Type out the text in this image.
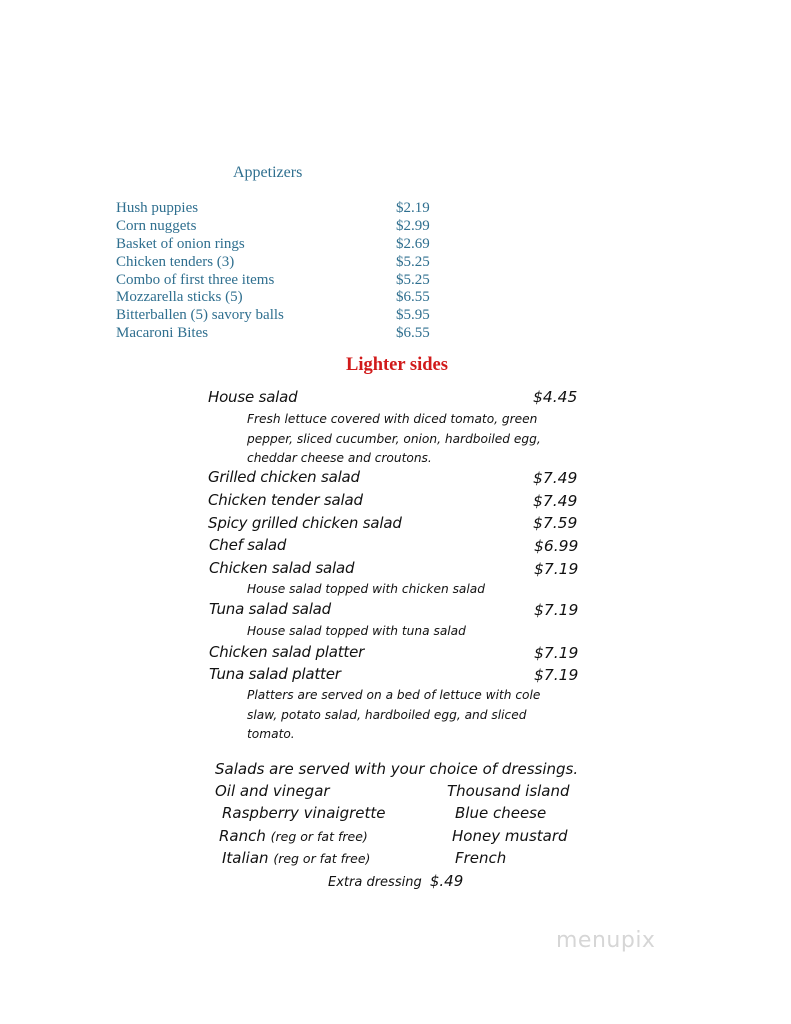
Appetizers
Hush puppies	$2.19
Corn nuggets	$2.99
Basket of onion rings	$2.69
Chicken tenders (3)	$5.25
Combo of first three items	$5.25
Mozzarella sticks (5)	$6.55
Bitterballen (5) savory balls	$5.95
Macaroni Bites	$6.55
Lighter sides
House salad	$4.45
Fresh lettuce covered with diced tomato, green pepper, sliced cucumber, onion, hardboiled egg, cheddar cheese and croutons.
Grilled chicken salad	$7.49
Chicken tender salad	$7.49
Spicy grilled chicken salad	$7.59
Chef salad	$6.99
Chicken salad salad	$7.19
House salad topped with chicken salad
Tuna salad salad	$7.19
House salad topped with tuna salad
Chicken salad platter	$7.19
Tuna salad platter	$7.19
Platters are served on a bed of lettuce with cole slaw, potato salad, hardboiled egg, and sliced tomato.
Salads are served with your choice of dressings.
Oil and vinegar	Thousand island
Raspberry vinaigrette	Blue cheese
Ranch (reg or fat free)	Honey mustard
Italian (reg or fat free)	French
Extra dressing $.49
menupix
